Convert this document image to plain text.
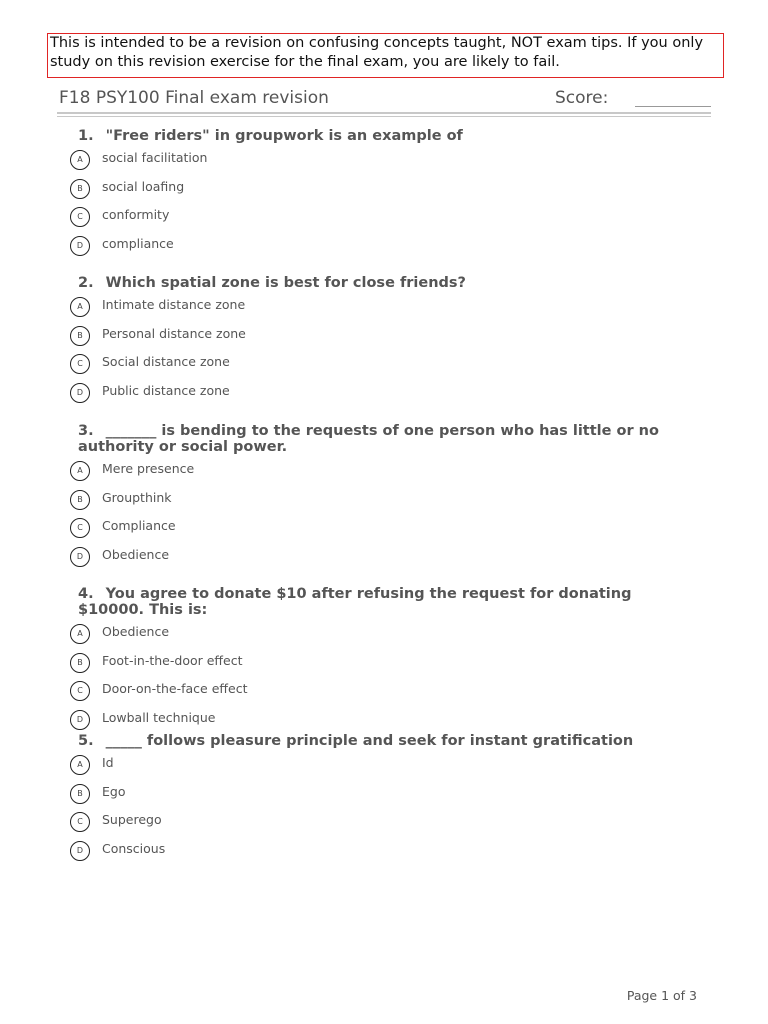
This is intended to be a revision on confusing concepts taught, NOT exam tips. If you only study on this revision exercise for the final exam, you are likely to fail.
F18 PSY100 Final exam revision	Score:
1. "Free riders" in groupwork is an example of
A	social facilitation
B	social loafing
C	conformity
D	compliance
2. Which spatial zone is best for close friends?
A	Intimate distance zone
B	Personal distance zone
C	Social distance zone
D	Public distance zone
3. _______ is bending to the requests of one person who has little or no authority or social power.
A	Mere presence
B	Groupthink
C	Compliance
D	Obedience
4. You agree to donate $10 after refusing the request for donating $10000. This is:
A	Obedience
B	Foot-in-the-door effect
C	Door-on-the-face effect
D	Lowball technique
5. _____ follows pleasure principle and seek for instant gratification
A	Id
B	Ego
C	Superego
D	Conscious
Page 1 of 3
